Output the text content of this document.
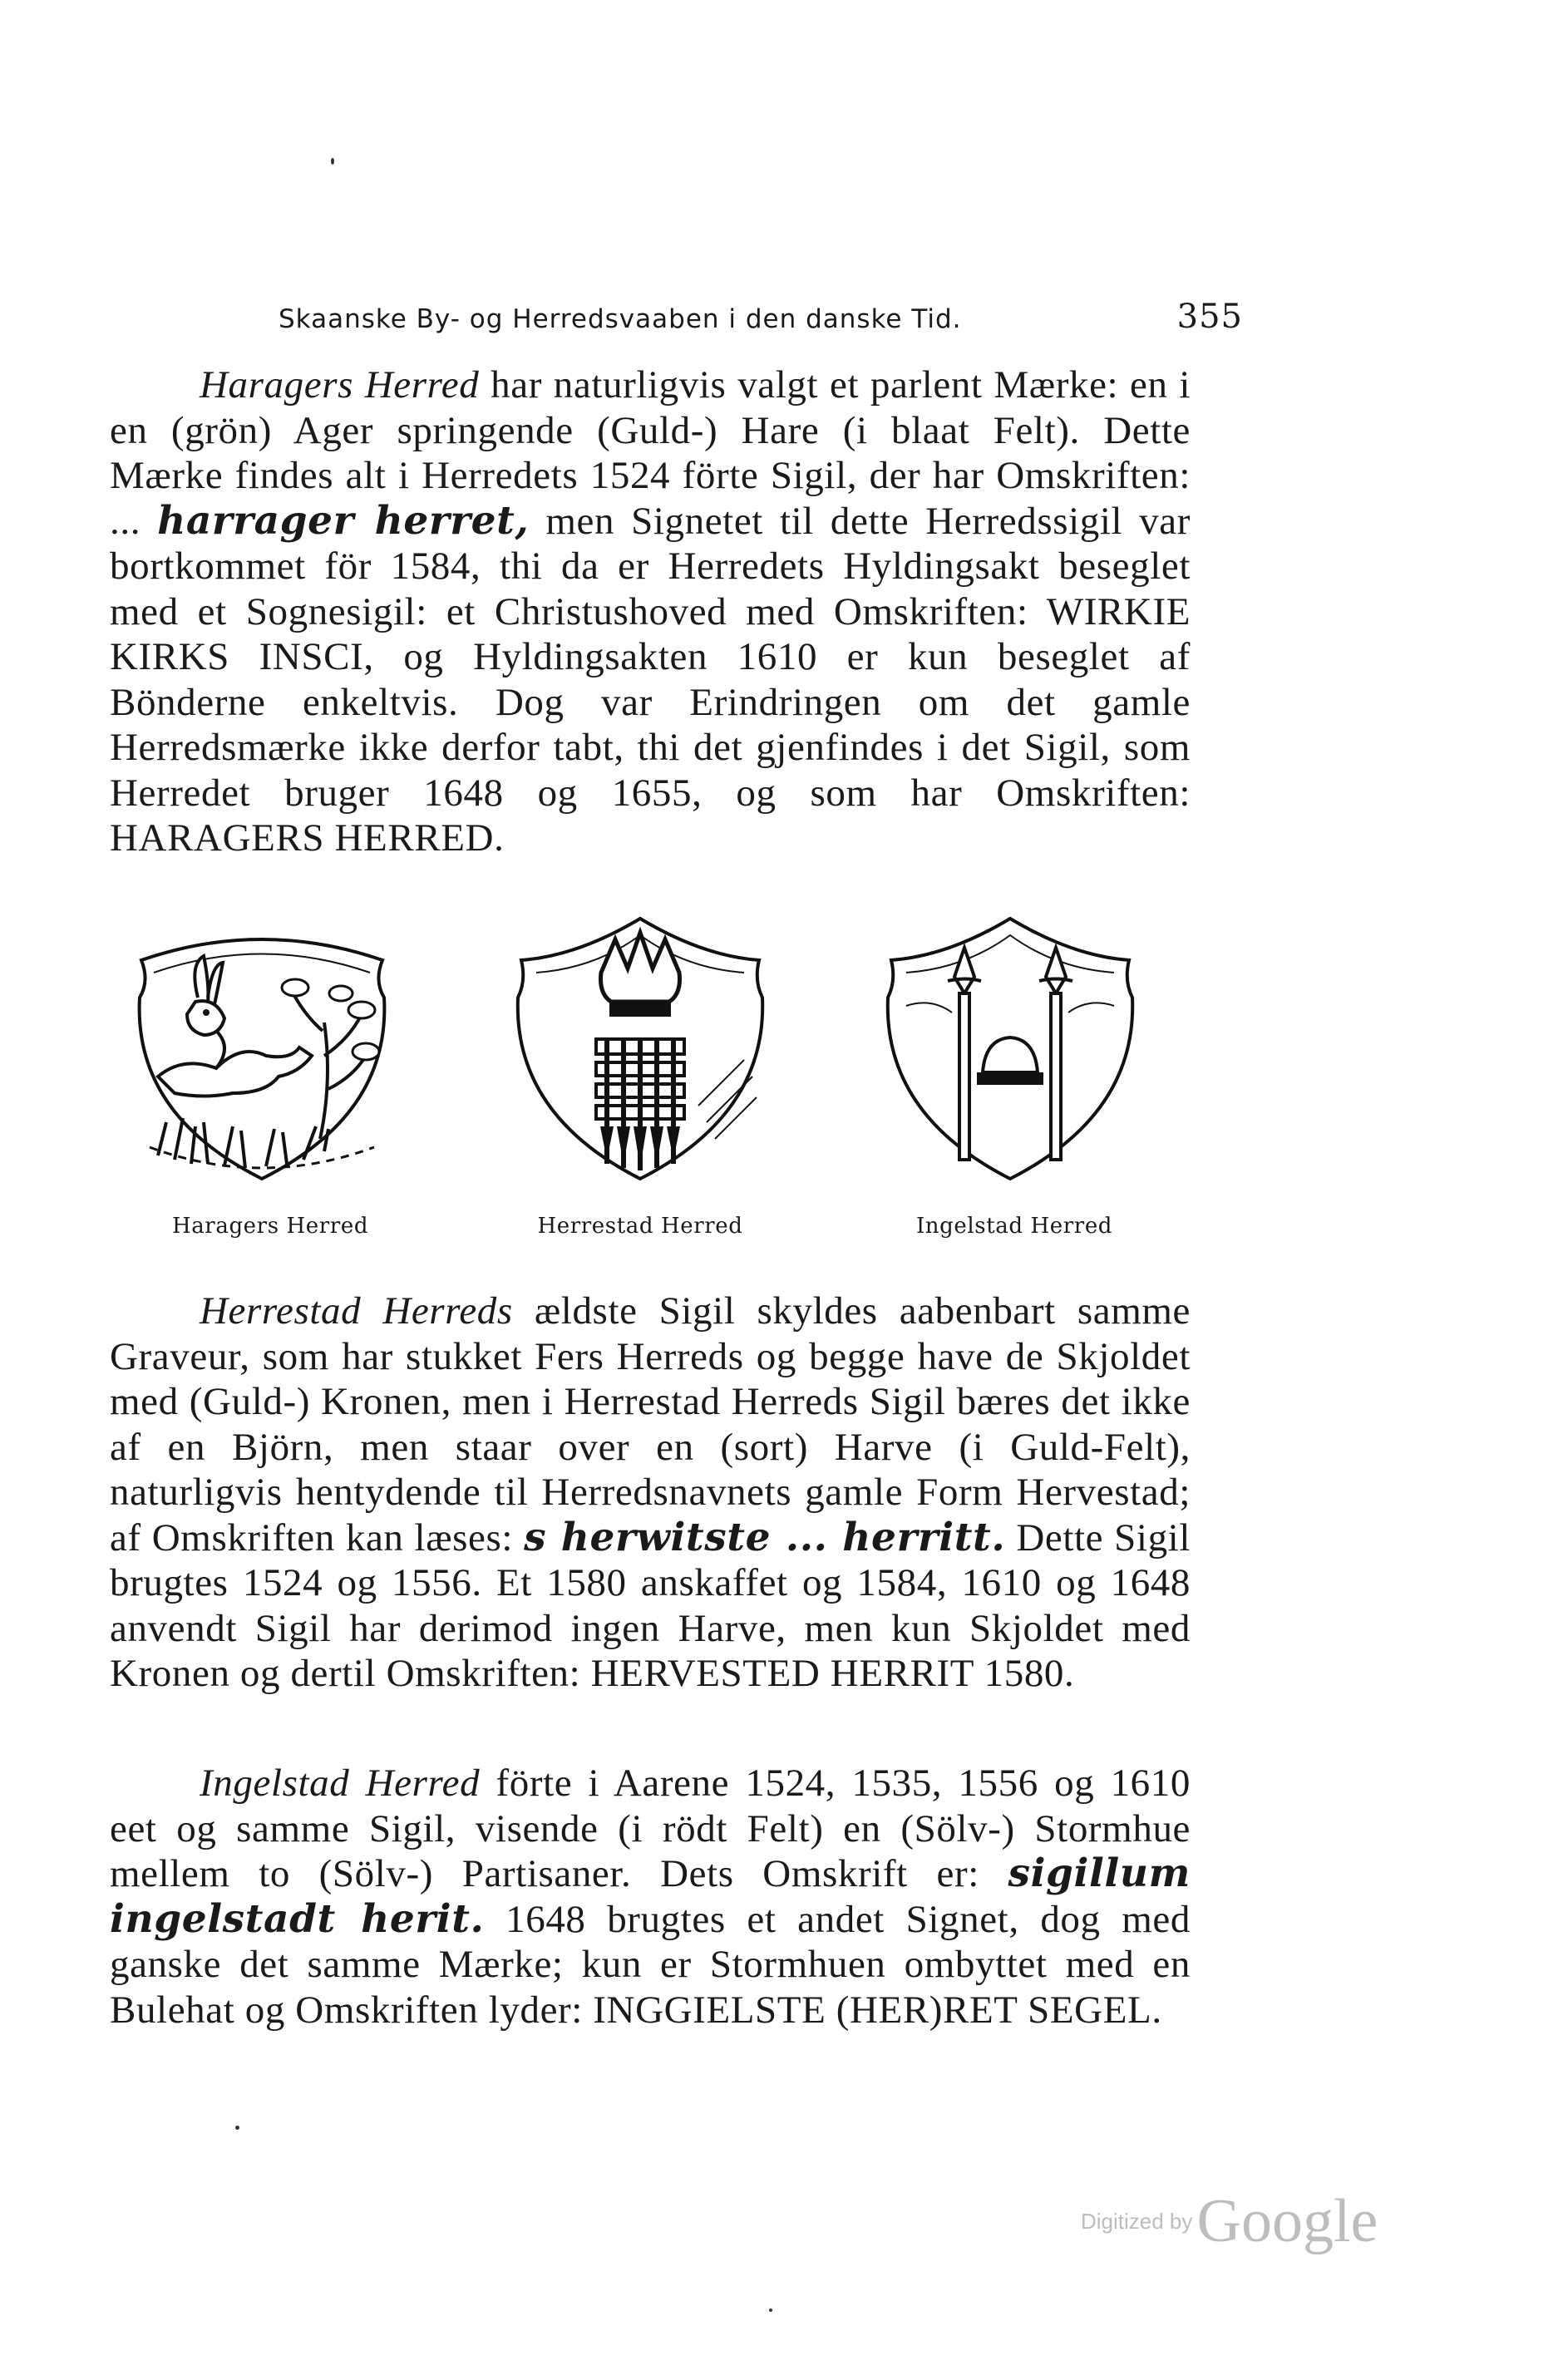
Skaanske By- og Herredsvaaben i den danske Tid.	355

Haragers Herred har naturligvis valgt et parlent Mærke: en i en (grön) Ager springende (Guld-) Hare (i blaat Felt). Dette Mærke findes alt i Herredets 1524 förte Sigil, der har Omskriften: ... harrager herret, men Signetet til dette Herredssigil var bortkommet för 1584, thi da er Herredets Hyldingsakt beseglet med et Sognesigil: et Christushoved med Omskriften: WIRKIE KIRKS INSCI, og Hyldingsakten 1610 er kun beseglet af Bönderne enkeltvis. Dog var Erindringen om det gamle Herredsmærke ikke derfor tabt, thi det gjenfindes i det Sigil, som Herredet bruger 1648 og 1655, og som har Omskriften: HARAGERS HERRED.

Haragers Herred	Herrestad Herred	Ingelstad Herred

Herrestad Herreds ældste Sigil skyldes aabenbart samme Graveur, som har stukket Fers Herreds og begge have de Skjoldet med (Guld-) Kronen, men i Herrestad Herreds Sigil bæres det ikke af en Björn, men staar over en (sort) Harve (i Guld-Felt), naturligvis hentydende til Herredsnavnets gamle Form Hervestad; af Omskriften kan læses: s herwitste ... herritt. Dette Sigil brugtes 1524 og 1556. Et 1580 anskaffet og 1584, 1610 og 1648 anvendt Sigil har derimod ingen Harve, men kun Skjoldet med Kronen og dertil Omskriften: HERVESTED HERRIT 1580.

Ingelstad Herred förte i Aarene 1524, 1535, 1556 og 1610 eet og samme Sigil, visende (i rödt Felt) en (Sölv-) Stormhue mellem to (Sölv-) Partisaner. Dets Omskrift er: sigillum ingelstadt herit. 1648 brugtes et andet Signet, dog med ganske det samme Mærke; kun er Stormhuen ombyttet med en Bulehat og Omskriften lyder: INGGIELSTE (HER)RET SEGEL.

Digitized by Google
